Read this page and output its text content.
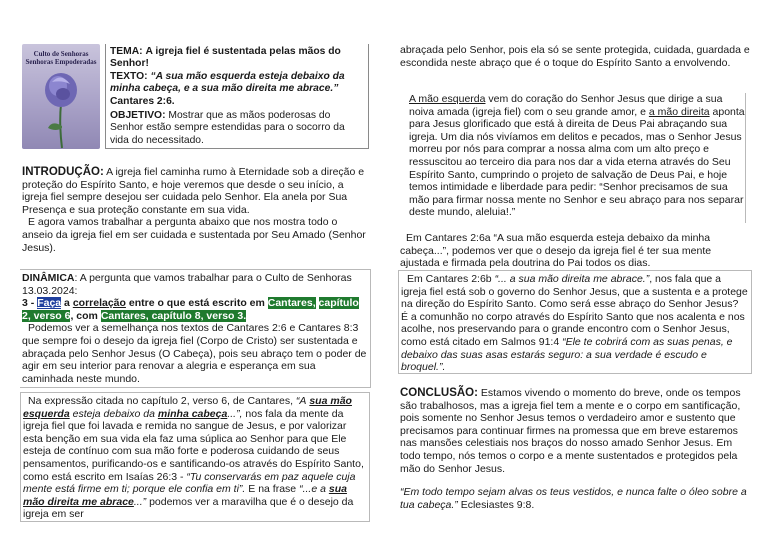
Culto de Senhoras
Senhoras Empoderadas

TEMA: A igreja fiel é sustentada pelas mãos do Senhor!

TEXTO: “A sua mão esquerda esteja debaixo da minha cabeça, e a sua mão direita me abrace.” Cantares 2:6.

OBJETIVO: Mostrar que as mãos poderosas do Senhor estão sempre estendidas para o socorro da vida do necessitado.

INTRODUÇÃO: A igreja fiel caminha rumo à Eternidade sob a direção e proteção do Espírito Santo, e hoje veremos que desde o seu início, a igreja fiel sempre desejou ser cuidada pelo Senhor. Ela anela por Sua Presença e sua proteção constante em sua vida.

E agora vamos trabalhar a pergunta abaixo que nos mostra todo o anseio da igreja fiel em ser cuidada e sustentada por Seu Amado (Senhor Jesus).

DINÂMICA: A pergunta que vamos trabalhar para o Culto de Senhoras 13.03.2024:

3 - Faça a correlação entre o que está escrito em Cantares, capítulo 2, verso 6, com Cantares, capítulo 8, verso 3.

Podemos ver a semelhança nos textos de Cantares 2:6 e Cantares 8:3 que sempre foi o desejo da igreja fiel (Corpo de Cristo) ser sustentada e abraçada pelo Senhor Jesus (O Cabeça), pois seu abraço tem o poder de agir em seu interior para renovar a alegria e esperança em sua caminhada neste mundo.

Na expressão citada no capítulo 2, verso 6, de Cantares, “A sua mão esquerda esteja debaixo da minha cabeça...”, nos fala da mente da igreja fiel que foi lavada e remida no sangue de Jesus, e por valorizar esta benção em sua vida ela faz uma súplica ao Senhor para que Ele esteja de contínuo com sua mão forte e poderosa cuidando de seus pensamentos, purificando-os e santificando-os através do Espírito Santo, como está escrito em Isaías 26:3 - “Tu conservarás em paz aquele cuja mente está firme em ti; porque ele confia em ti”. E na frase “...e a sua mão direita me abrace...” podemos ver a maravilha que é o desejo da igreja em ser

abraçada pelo Senhor, pois ela só se sente protegida, cuidada, guardada e escondida neste abraço que é o toque do Espírito Santo a envolvendo.

A mão esquerda vem do coração do Senhor Jesus que dirige a sua noiva amada (igreja fiel) com o seu grande amor, e a mão direita aponta para Jesus glorificado que está à direita de Deus Pai abraçando sua igreja. Um dia nós vivíamos em delitos e pecados, mas o Senhor Jesus morreu por nós para comprar a nossa alma com um alto preço e ressuscitou ao terceiro dia para nos dar a vida eterna através do Seu Espírito Santo, cumprindo o projeto de salvação de Deus Pai, e hoje temos intimidade e liberdade para pedir: “Senhor precisamos de sua mão para firmar nossa mente no Senhor e seu abraço para nos separar deste mundo, aleluia!.”

Em Cantares 2:6a “A sua mão esquerda esteja debaixo da minha cabeça...”, podemos ver que o desejo da igreja fiel é ter sua mente ajustada e firmada pela doutrina do Pai todos os dias.

Em Cantares 2:6b “... a sua mão direita me abrace.”, nos fala que a igreja fiel está sob o governo do Senhor Jesus, que a sustenta e a protege na direção do Espírito Santo. Como será esse abraço do Senhor Jesus? É a comunhão no corpo através do Espírito Santo que nos acalenta e nos acolhe, nos preservando para o grande encontro com o Senhor Jesus, como está citado em Salmos 91:4 “Ele te cobrirá com as suas penas, e debaixo das suas asas estarás seguro: a sua verdade é escudo e broquel.”.

CONCLUSÃO: Estamos vivendo o momento do breve, onde os tempos são trabalhosos, mas a igreja fiel tem a mente e o corpo em santificação, pois somente no Senhor Jesus temos o verdadeiro amor e sustento que precisamos para continuar firmes na promessa que em breve estaremos nas mansões celestiais nos braços do nosso amado Senhor Jesus. Em todo tempo, nós temos o corpo e a mente sustentados e protegidos pela mão do Senhor Jesus.

“Em todo tempo sejam alvas os teus vestidos, e nunca falte o óleo sobre a tua cabeça.” Eclesiastes 9:8.
